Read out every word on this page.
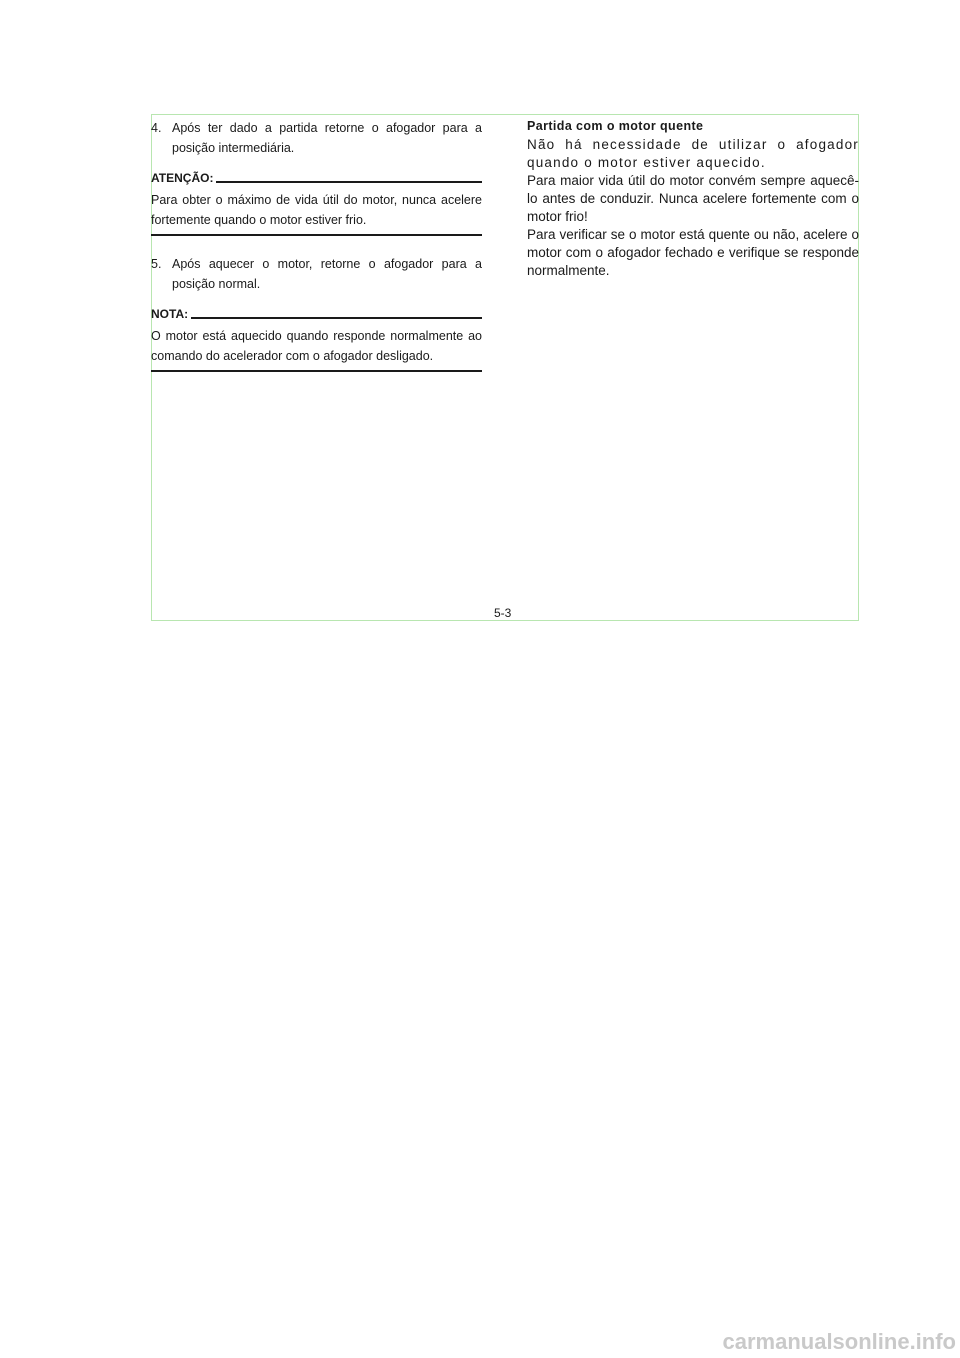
4. Após ter dado a partida retorne o afogador para a posição intermediária.
ATENÇÃO:
Para obter o máximo de vida útil do motor, nunca acelere fortemente quando o motor estiver frio.
5. Após aquecer o motor, retorne o afogador para a posição normal.
NOTA:
O motor está aquecido quando responde normalmente ao comando do acelerador com o afogador desligado.
Partida com o motor quente
Não há necessidade de utilizar o afogador quando o motor estiver aquecido.
Para maior vida útil do motor convém sempre aquecê-lo antes de conduzir. Nunca acelere fortemente com o motor frio!
Para verificar se o motor está quente ou não, acelere o motor com o afogador fechado e verifique se responde normalmente.
5-3
carmanualsonline.info
